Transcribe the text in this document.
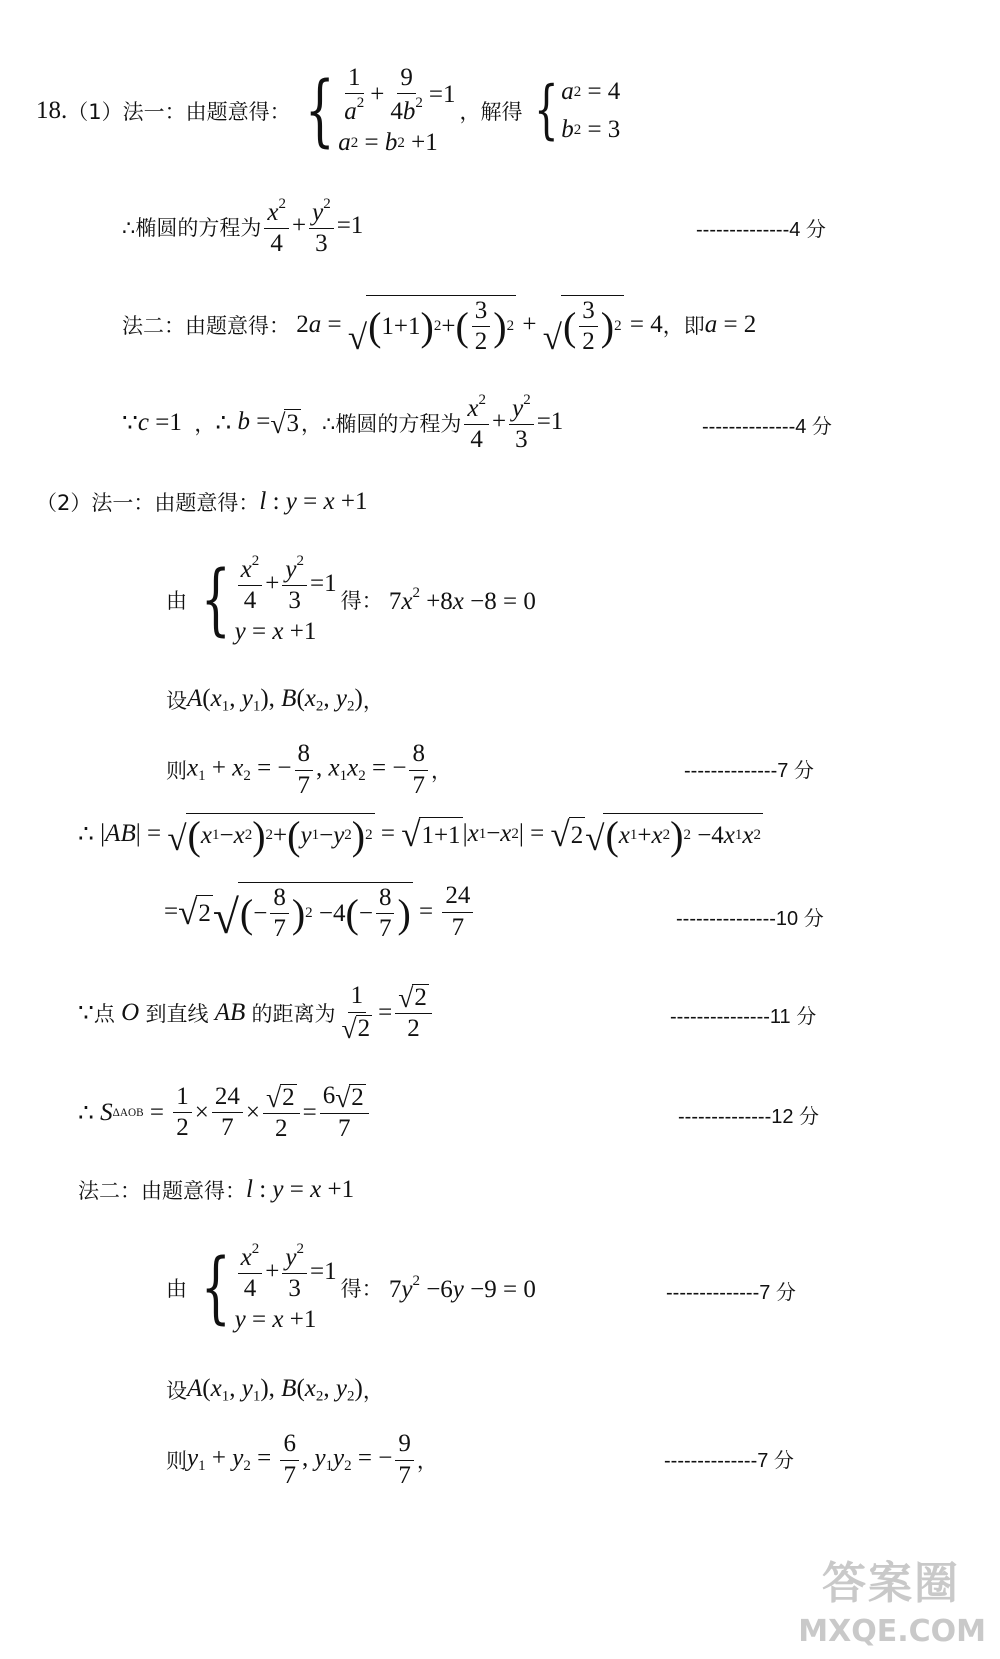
18. （1） 法一：由题意得： { $\frac{1}{a^2} + \frac{9}{4b^2} =1$
a 2 = b 2 +1
，解得 { a 2 = 4
b 2 = 3
∴椭圆的方程为 $\frac{x^2}{4} + \frac{y^2}{3} =1$	--------------4 分
法二：由题意得： 2 a = √ ( 1+1 ) 2 + ( $\frac{3}{2}$ ) 2 + √ ( $\frac{3}{2}$ ) 2 = 4 ，即 a = 2
∵ c =1 ， ∴ b = √ 3 ， ∴椭圆的方程为 $\frac{x^2}{4} + \frac{y^2}{3} =1$	--------------4 分
（2）法一：由题意得： l : y = x +1
由 { $\frac{x^2}{4} + \frac{y^2}{3} =1$
y = x +1
得： $7x^2 +8x -8 = 0$
设 $A(x_1$, $y_1$), $B(x_2$, $y_2$) ，
则 $x_1 + x_2$ = − $\frac{8}{7}$ , $x_1x_2$ = − $\frac{8}{7}$ ，	--------------7 分
∴ | AB | = √ ( x 1 − x 2 ) 2 + ( y 1 − y 2 ) 2 = √ 1+1 | x 1 − x 2 | = √ 2 √ ( x 1 + x 2 ) 2 −4 x 1 x 2
= √ 2 √ ( − $\frac{8}{7}$ ) 2 −4 ( − $\frac{8}{7}$ ) = $\frac{24}{7}$	---------------10 分
∵ 点 O 到直线 AB 的距离为 $\frac{1}{√ 2} = \frac{√ 2}{2}$	---------------11 分
∴
S $\Delta AOB = \frac{1}{2} \times \frac{24}{7} \times \frac{√ 2}{2} = \frac{6 √ 2}{7}$	--------------12 分
法二：由题意得： l : y = x +1
由 { $\frac{x^2}{4} + \frac{y^2}{3} =1$
y = x +1
得： $7y^2 -6y -9 = 0$	--------------7 分
设 $A(x_1$, $y_1$), $B(x_2$, $y_2$) ，
则 $y_1 + y_2 = \frac{6}{7}$ , $y_1y_2$ = − $\frac{9}{7}$ ，	--------------7 分
答案圈
MXQE.COM
